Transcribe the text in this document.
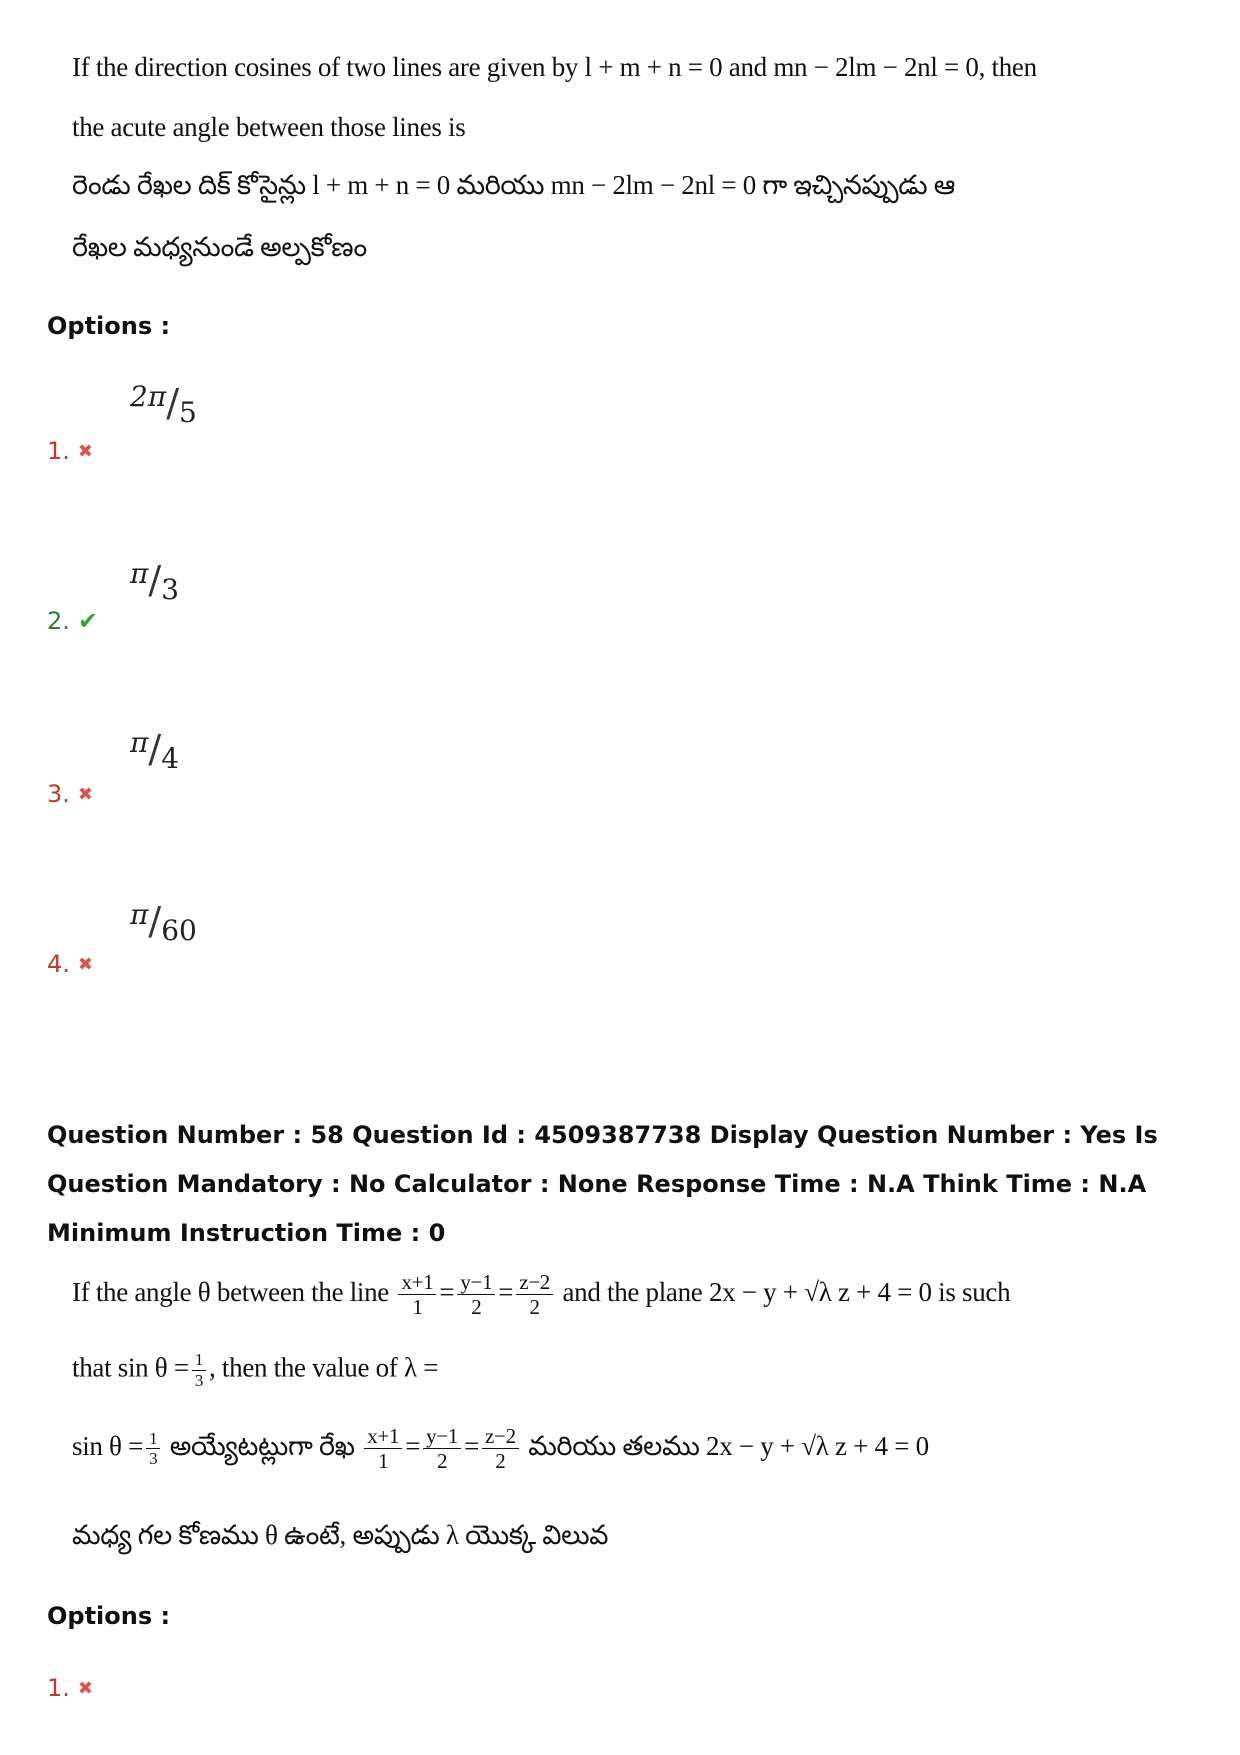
If the direction cosines of two lines are given by l + m + n = 0 and mn − 2lm − 2nl = 0, then
the acute angle between those lines is
రెండు రేఖల దిక్ కోసైన్లు l + m + n = 0 మరియు mn − 2lm − 2nl = 0 గా ఇచ్చినప్పుడు ఆ
రేఖల మధ్యనుండే అల్పకోణం
Options :
2π/5
1. ✖
π/3
2. ✔
π/4
3. ✖
π/60
4. ✖
Question Number : 58 Question Id : 4509387738 Display Question Number : Yes Is Question Mandatory : No Calculator : None Response Time : N.A Think Time : N.A Minimum Instruction Time : 0
If the angle θ between the line $\frac{x+1}{1} = \frac{y-1}{2} = \frac{z-2}{2}$ and the plane 2x − y + √λ z + 4 = 0 is such
that $\sin \theta = \frac{1}{3}$ , then the value of λ =
$\sin \theta = \frac{1}{3}$ అయ్యేటట్లుగా రేఖ $\frac{x+1}{1} = \frac{y-1}{2} = \frac{z-2}{2}$ మరియు తలము 2x − y + √λ z + 4 = 0
మధ్య గల కోణము θ ఉంటే, అప్పుడు λ యొక్క విలువ
Options :
1. ✖
